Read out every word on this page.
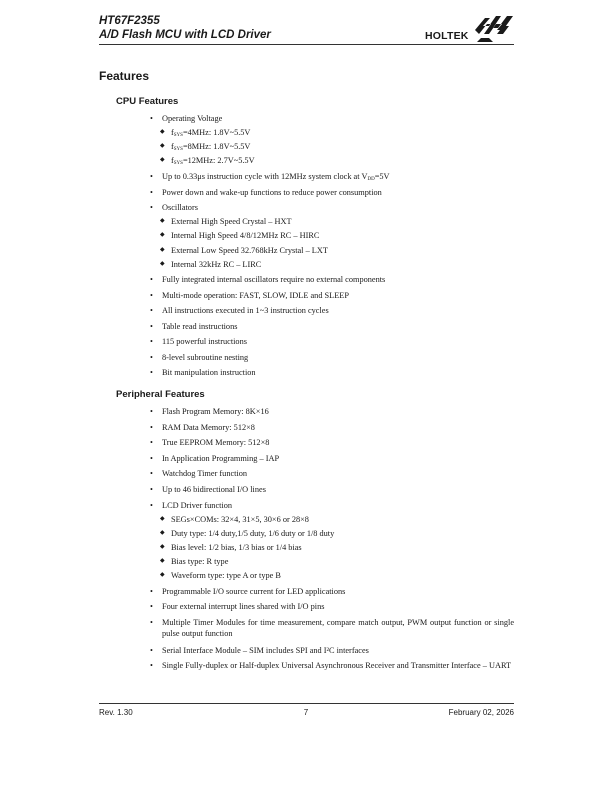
HT67F2355
A/D Flash MCU with LCD Driver	HOLTEK
Features
CPU Features
•	Operating Voltage
◆ fSYS=4MHz: 1.8V~5.5V
◆ fSYS=8MHz: 1.8V~5.5V
◆ fSYS=12MHz: 2.7V~5.5V
•	Up to 0.33μs instruction cycle with 12MHz system clock at VDD=5V
•	Power down and wake-up functions to reduce power consumption
•	Oscillators
◆ External High Speed Crystal – HXT
◆ Internal High Speed 4/8/12MHz RC – HIRC
◆ External Low Speed 32.768kHz Crystal – LXT
◆ Internal 32kHz RC – LIRC
•	Fully integrated internal oscillators require no external components
•	Multi-mode operation: FAST, SLOW, IDLE and SLEEP
•	All instructions executed in 1~3 instruction cycles
•	Table read instructions
•	115 powerful instructions
•	8-level subroutine nesting
•	Bit manipulation instruction
Peripheral Features
•	Flash Program Memory: 8K×16
•	RAM Data Memory: 512×8
•	True EEPROM Memory: 512×8
•	In Application Programming – IAP
•	Watchdog Timer function
•	Up to 46 bidirectional I/O lines
•	LCD Driver function
◆ SEGs×COMs: 32×4, 31×5, 30×6 or 28×8
◆ Duty type: 1/4 duty,1/5 duty, 1/6 duty or 1/8 duty
◆ Bias level: 1/2 bias, 1/3 bias or 1/4 bias
◆ Bias type: R type
◆ Waveform type: type A or type B
•	Programmable I/O source current for LED applications
•	Four external interrupt lines shared with I/O pins
•	Multiple Timer Modules for time measurement, compare match output, PWM output function or single pulse output function
•	Serial Interface Module – SIM includes SPI and I²C interfaces
•	Single Fully-duplex or Half-duplex Universal Asynchronous Receiver and Transmitter Interface – UART
Rev. 1.30	7	February 02, 2026
